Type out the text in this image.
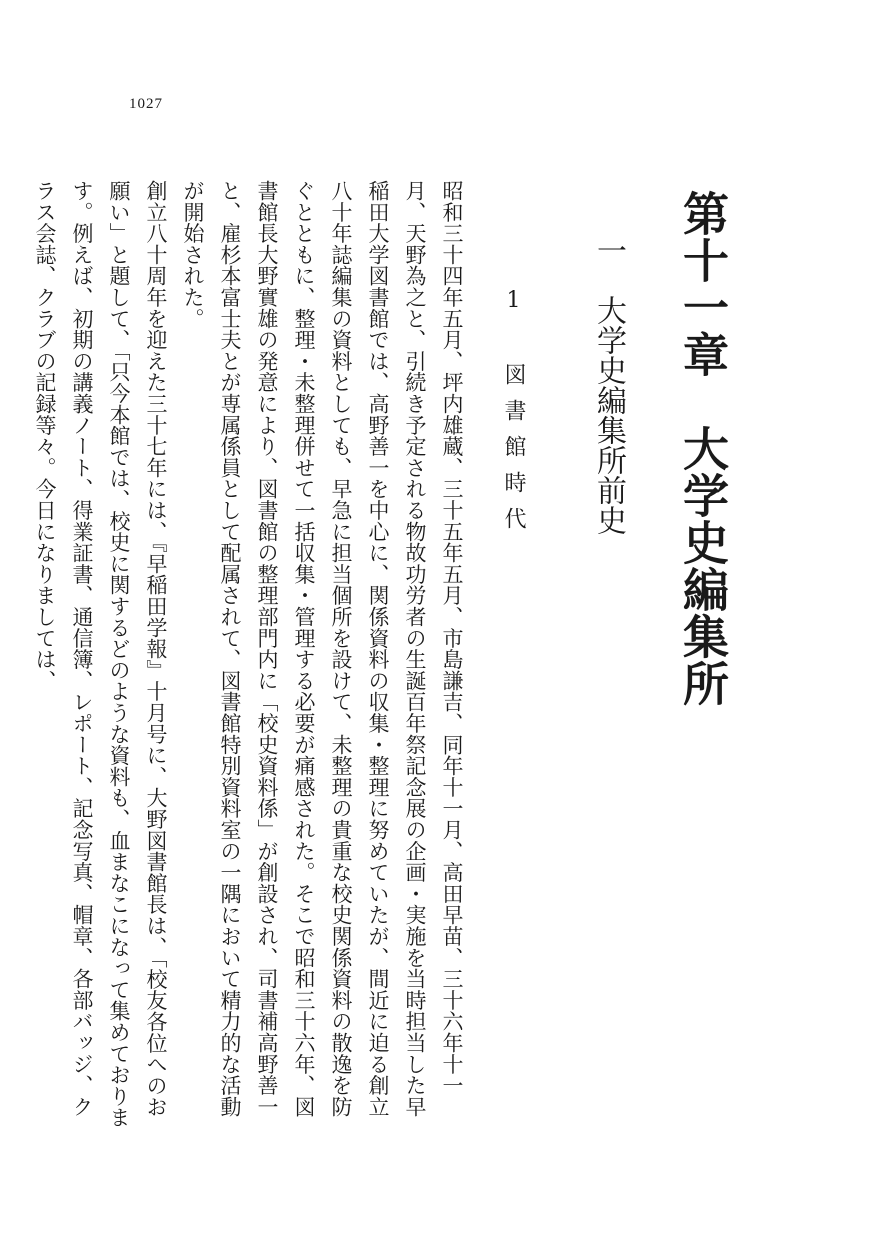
1027
第十一章　大学史編集所
一　大学史編集所前史
1　図書館時代

昭和三十四年五月、坪内雄蔵、三十五年五月、市島謙吉、同年十一月、高田早苗、三十六年十一月、天野為之と、引続き予定される物故功労者の生誕百年祭記念展の企画・実施を当時担当した早稲田大学図書館では、高野善一を中心に、関係資料の収集・整理に努めていたが、間近に迫る創立八十年誌編集の資料としても、早急に担当個所を設けて、未整理の貴重な校史関係資料の散逸を防ぐとともに、整理・未整理併せて一括収集・管理する必要が痛感された。そこで昭和三十六年、図書館長大野實雄の発意により、図書館の整理部門内に「校史資料係」が創設され、司書補高野善一と、雇杉本富士夫とが専属係員として配属されて、図書館特別資料室の一隅において精力的な活動が開始された。

創立八十周年を迎えた三十七年には、『早稲田学報』十月号に、大野図書館長は、「校友各位へのお願い」と題して、「只今本館では、校史に関するどのような資料も、血まなこになって集めております。例えば、初期の講義ノート、得業証書、通信簿、レポート、記念写真、帽章、各部バッジ、クラス会誌、クラブの記録等々。今日になりましては、
